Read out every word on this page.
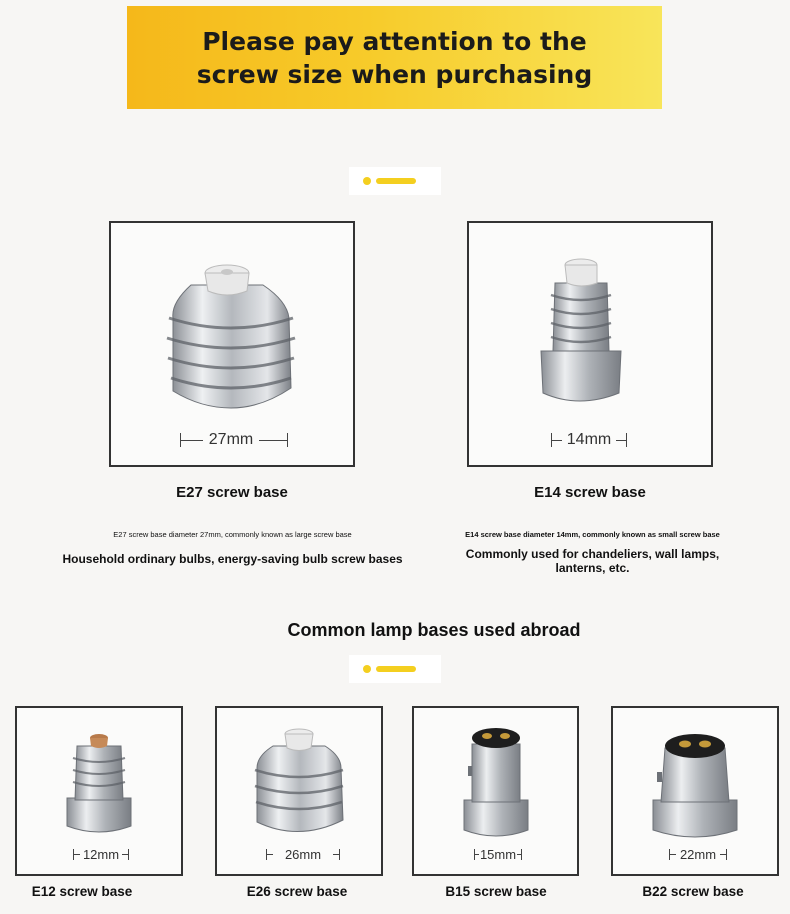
Please pay attention to the screw size when purchasing
27mm	14mm
E27 screw base	E14 screw base
E27 screw base diameter 27mm, commonly known as large screw base	E14 screw base diameter 14mm, commonly known as small screw base
Household ordinary bulbs, energy-saving bulb screw bases	Commonly used for chandeliers, wall lamps, lanterns, etc.
Common lamp bases used abroad
12mm	26mm	15mm	22mm
E12 screw base	E26 screw base	B15 screw base	B22 screw base
